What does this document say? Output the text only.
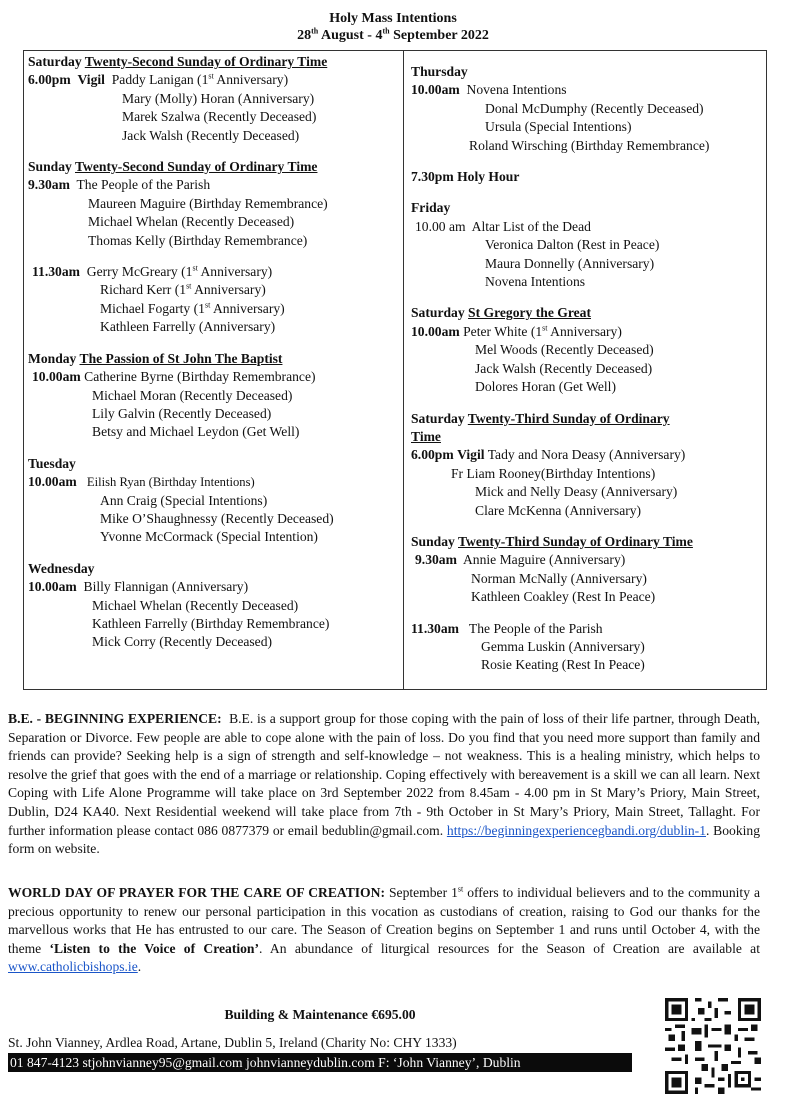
Holy Mass Intentions
28th August - 4th September 2022
Saturday Twenty-Second Sunday of Ordinary Time
6.00pm Vigil Paddy Lanigan (1st Anniversary)
Mary (Molly) Horan (Anniversary)
Marek Szalwa (Recently Deceased)
Jack Walsh (Recently Deceased)
Sunday Twenty-Second Sunday of Ordinary Time
9.30am The People of the Parish
Maureen Maguire (Birthday Remembrance)
Michael Whelan (Recently Deceased)
Thomas Kelly (Birthday Remembrance)
11.30am Gerry McGreary (1st Anniversary)
Richard Kerr (1st Anniversary)
Michael Fogarty (1st Anniversary)
Kathleen Farrelly (Anniversary)
Monday The Passion of St John The Baptist
10.00am Catherine Byrne (Birthday Remembrance)
Michael Moran (Recently Deceased)
Lily Galvin (Recently Deceased)
Betsy and Michael Leydon (Get Well)
Tuesday
10.00am Eilish Ryan (Birthday Intentions)
Ann Craig (Special Intentions)
Mike O’Shaughnessy (Recently Deceased)
Yvonne McCormack (Special Intention)
Wednesday
10.00am Billy Flannigan (Anniversary)
Michael Whelan (Recently Deceased)
Kathleen Farrelly (Birthday Remembrance)
Mick Corry (Recently Deceased)
Thursday
10.00am Novena Intentions
Donal McDumphy (Recently Deceased)
Ursula (Special Intentions)
Roland Wirsching (Birthday Remembrance)
7.30pm Holy Hour
Friday
10.00 am Altar List of the Dead
Veronica Dalton (Rest in Peace)
Maura Donnelly (Anniversary)
Novena Intentions
Saturday St Gregory the Great
10.00am Peter White (1st Anniversary)
Mel Woods (Recently Deceased)
Jack Walsh (Recently Deceased)
Dolores Horan (Get Well)
Saturday Twenty-Third Sunday of Ordinary
Time
6.00pm Vigil Tady and Nora Deasy (Anniversary)
Fr Liam Rooney(Birthday Intentions)
Mick and Nelly Deasy (Anniversary)
Clare McKenna (Anniversary)
Sunday Twenty-Third Sunday of Ordinary Time
9.30am Annie Maguire (Anniversary)
Norman McNally (Anniversary)
Kathleen Coakley (Rest In Peace)
11.30am The People of the Parish
Gemma Luskin (Anniversary)
Rosie Keating (Rest In Peace)
B.E. - BEGINNING EXPERIENCE: B.E. is a support group for those coping with the pain of loss of their life partner, through Death, Separation or Divorce. Few people are able to cope alone with the pain of loss. Do you find that you need more support than family and friends can provide? Seeking help is a sign of strength and self-knowledge – not weakness. This is a healing ministry, which helps to resolve the grief that goes with the end of a marriage or relationship. Coping effectively with bereavement is a skill we can all learn. Next Coping with Life Alone Programme will take place on 3rd September 2022 from 8.45am - 4.00 pm in St Mary’s Priory, Main Street, Dublin, D24 KA40. Next Residential weekend will take place from 7th - 9th October in St Mary’s Priory, Main Street, Tallaght. For further information please contact 086 0877379 or email bedublin@gmail.com. https://beginningexperiencegbandi.org/dublin-1. Booking form on website.
WORLD DAY OF PRAYER FOR THE CARE OF CREATION: September 1st offers to individual believers and to the community a precious opportunity to renew our personal participation in this vocation as custodians of creation, raising to God our thanks for the marvellous works that He has entrusted to our care. The Season of Creation begins on September 1 and runs until October 4, with the theme ‘Listen to the Voice of Creation’. An abundance of liturgical resources for the Season of Creation are available at www.catholicbishops.ie.
Building & Maintenance €695.00
St. John Vianney, Ardlea Road, Artane, Dublin 5, Ireland (Charity No: CHY 1333)
01 847-4123 stjohnvianney95@gmail.com johnvianneydublin.com F: ‘John Vianney’, Dublin
